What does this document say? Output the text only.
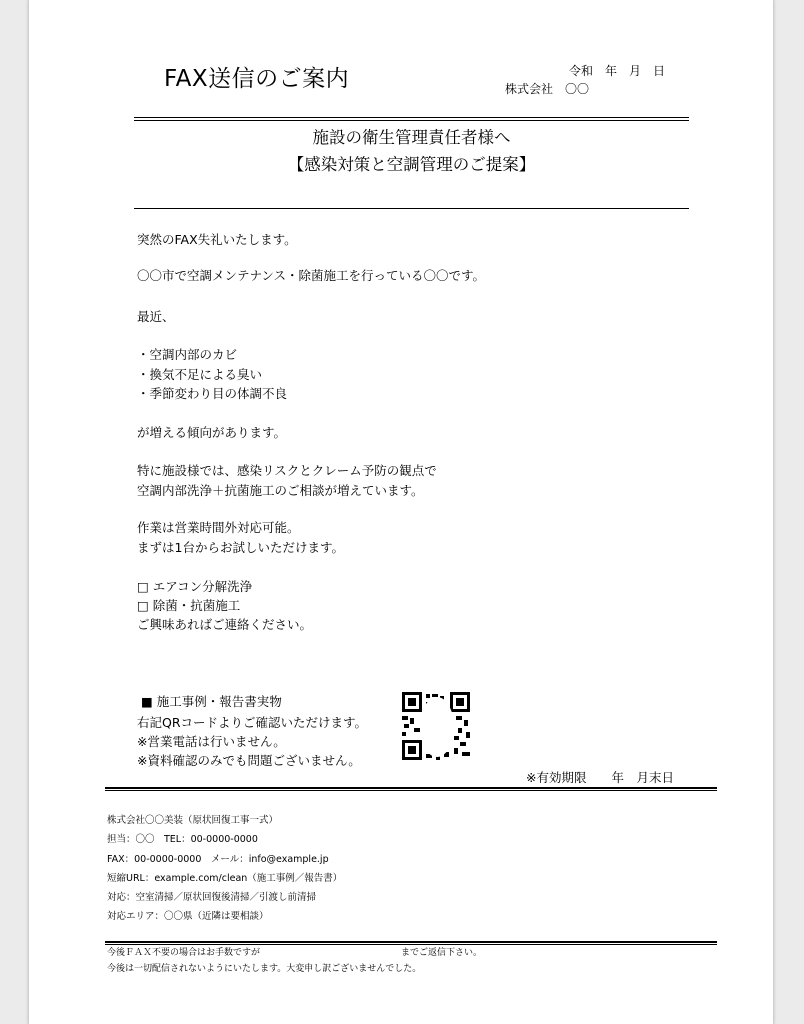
FAX送信のご案内	令和　年　月　日
株式会社　〇〇
施設の衛生管理責任者様へ
【感染対策と空調管理のご提案】
突然のFAX失礼いたします。
〇〇市で空調メンテナンス・除菌施工を行っている〇〇です。
最近、
・空調内部のカビ
・換気不足による臭い
・季節変わり目の体調不良
が増える傾向があります。
特に施設様では、感染リスクとクレーム予防の観点で
空調内部洗浄＋抗菌施工のご相談が増えています。
作業は営業時間外対応可能。
まずは1台からお試しいただけます。
□ エアコン分解洗浄
□ 除菌・抗菌施工
ご興味あればご連絡ください。
■ 施工事例・報告書実物
右記QRコードよりご確認いただけます。
※営業電話は行いません。
※資料確認のみでも問題ございません。
※有効期限　　年　月末日
株式会社〇〇美装（原状回復工事一式）
担当：〇〇　TEL：00-0000-0000
FAX：00-0000-0000　メール：info@example.jp
短縮URL：example.com/clean（施工事例／報告書）
対応：空室清掃／原状回復後清掃／引渡し前清掃
対応エリア：〇〇県（近隣は要相談）
今後ＦＡＸ不要の場合はお手数ですが	までご返信下さい。
今後は一切配信されないようにいたします。大変申し訳ございませんでした。
